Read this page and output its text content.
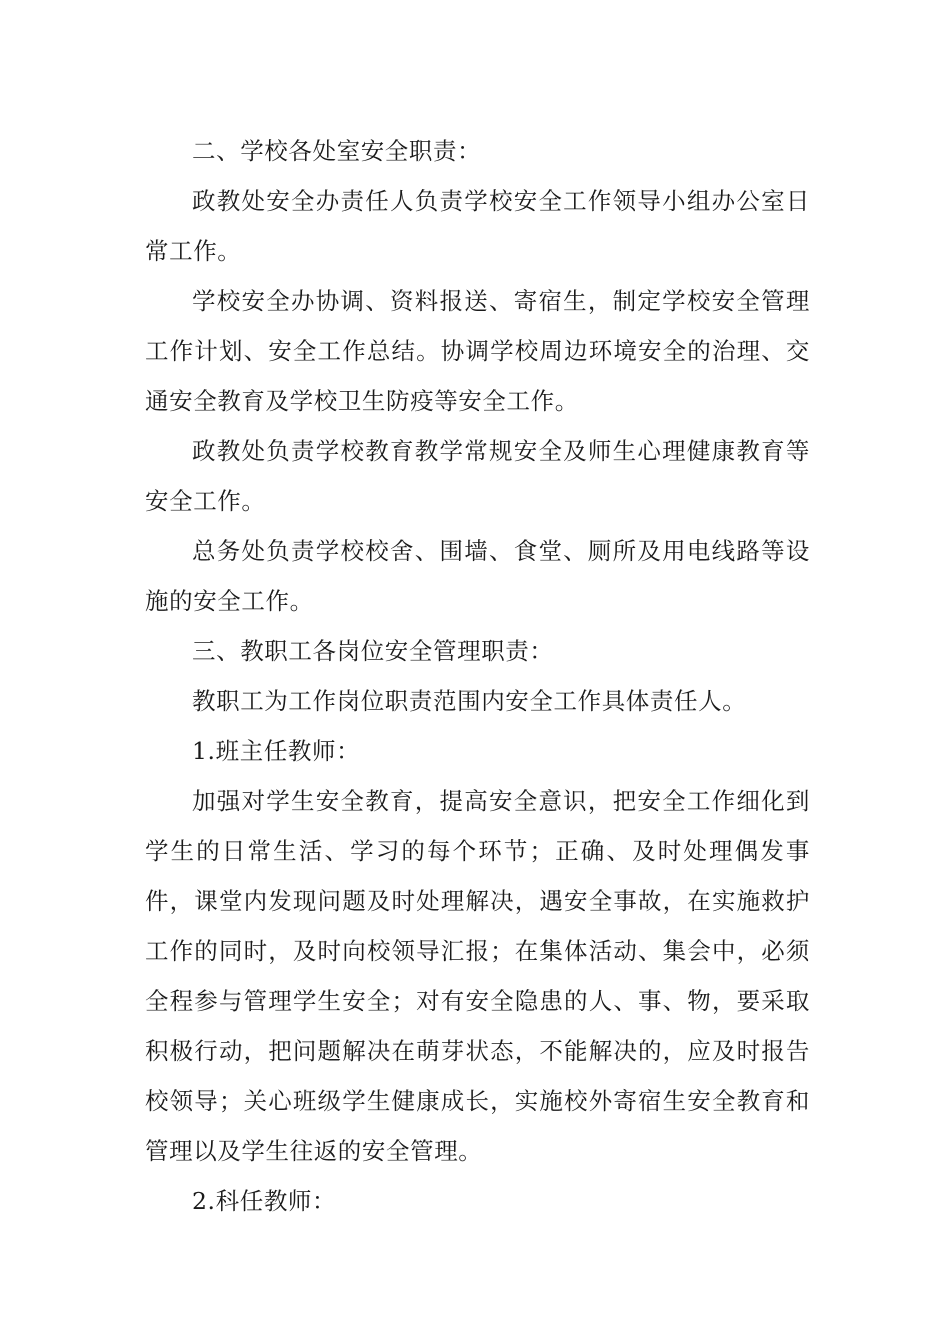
二、学校各处室安全职责：

政教处安全办责任人负责学校安全工作领导小组办公室日常工作。

学校安全办协调、资料报送、寄宿生，制定学校安全管理工作计划、安全工作总结。协调学校周边环境安全的治理、交通安全教育及学校卫生防疫等安全工作。

政教处负责学校教育教学常规安全及师生心理健康教育等安全工作。

总务处负责学校校舍、围墙、食堂、厕所及用电线路等设施的安全工作。

三、教职工各岗位安全管理职责：

教职工为工作岗位职责范围内安全工作具体责任人。

1.班主任教师：

加强对学生安全教育，提高安全意识，把安全工作细化到学生的日常生活、学习的每个环节；正确、及时处理偶发事件，课堂内发现问题及时处理解决，遇安全事故，在实施救护工作的同时，及时向校领导汇报；在集体活动、集会中，必须全程参与管理学生安全；对有安全隐患的人、事、物，要采取积极行动，把问题解决在萌芽状态，不能解决的，应及时报告校领导；关心班级学生健康成长，实施校外寄宿生安全教育和管理以及学生往返的安全管理。

2.科任教师：
